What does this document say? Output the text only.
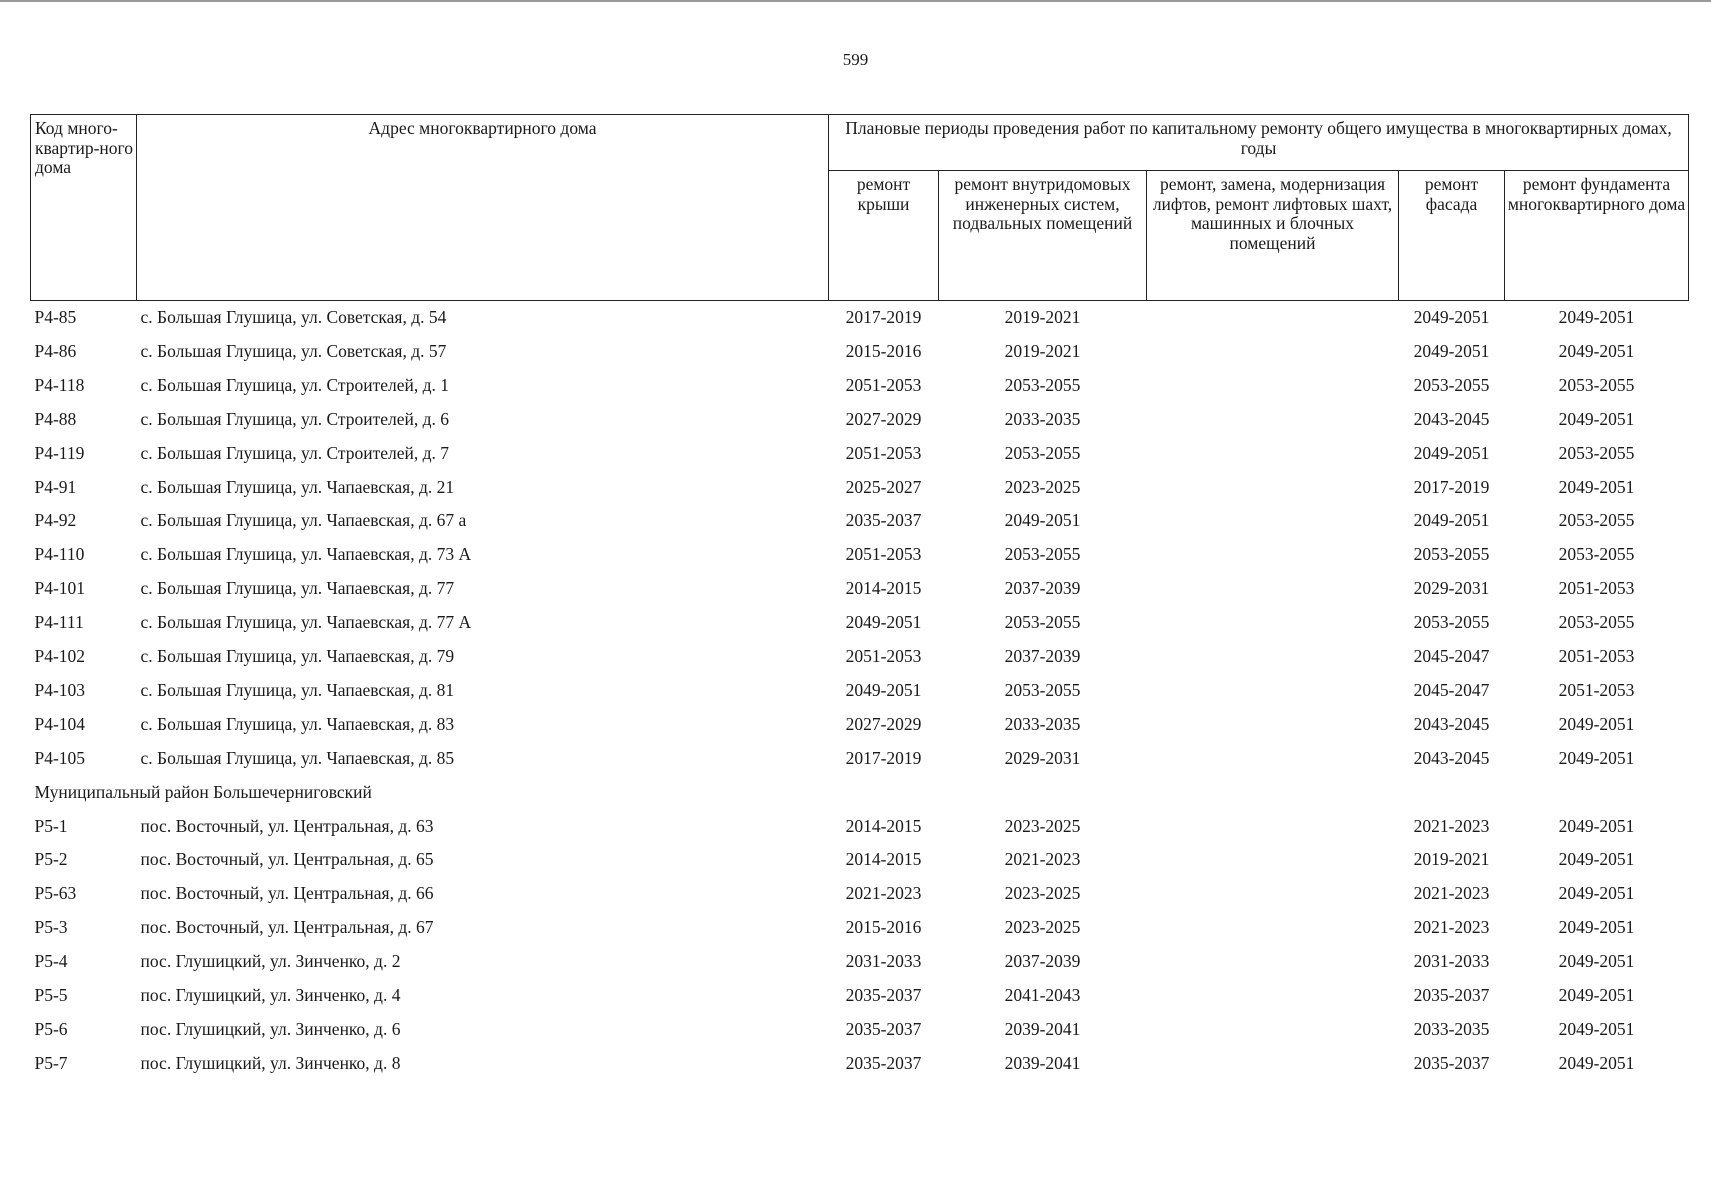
599
Код много-квартир-ного дома	Адрес многоквартирного дома	Плановые периоды проведения работ по капитальному ремонту общего имущества в многоквартирных домах, годы				
		ремонт крыши	ремонт внутридомовых инженерных систем, подвальных помещений	ремонт, замена, модернизация лифтов, ремонт лифтовых шахт, машинных и блочных помещений	ремонт фасада	ремонт фундамента многоквартирного дома
Р4-85	с. Большая Глушица, ул. Советская, д. 54	2017-2019	2019-2021		2049-2051	2049-2051
Р4-86	с. Большая Глушица, ул. Советская, д. 57	2015-2016	2019-2021		2049-2051	2049-2051
Р4-118	с. Большая Глушица, ул. Строителей, д. 1	2051-2053	2053-2055		2053-2055	2053-2055
Р4-88	с. Большая Глушица, ул. Строителей, д. 6	2027-2029	2033-2035		2043-2045	2049-2051
Р4-119	с. Большая Глушица, ул. Строителей, д. 7	2051-2053	2053-2055		2049-2051	2053-2055
Р4-91	с. Большая Глушица, ул. Чапаевская, д. 21	2025-2027	2023-2025		2017-2019	2049-2051
Р4-92	с. Большая Глушица, ул. Чапаевская, д. 67 а	2035-2037	2049-2051		2049-2051	2053-2055
Р4-110	с. Большая Глушица, ул. Чапаевская, д. 73 А	2051-2053	2053-2055		2053-2055	2053-2055
Р4-101	с. Большая Глушица, ул. Чапаевская, д. 77	2014-2015	2037-2039		2029-2031	2051-2053
Р4-111	с. Большая Глушица, ул. Чапаевская, д. 77 А	2049-2051	2053-2055		2053-2055	2053-2055
Р4-102	с. Большая Глушица, ул. Чапаевская, д. 79	2051-2053	2037-2039		2045-2047	2051-2053
Р4-103	с. Большая Глушица, ул. Чапаевская, д. 81	2049-2051	2053-2055		2045-2047	2051-2053
Р4-104	с. Большая Глушица, ул. Чапаевская, д. 83	2027-2029	2033-2035		2043-2045	2049-2051
Р4-105	с. Большая Глушица, ул. Чапаевская, д. 85	2017-2019	2029-2031		2043-2045	2049-2051
Муниципальный район Большечерниговский						
Р5-1	пос. Восточный, ул. Центральная, д. 63	2014-2015	2023-2025		2021-2023	2049-2051
Р5-2	пос. Восточный, ул. Центральная, д. 65	2014-2015	2021-2023		2019-2021	2049-2051
Р5-63	пос. Восточный, ул. Центральная, д. 66	2021-2023	2023-2025		2021-2023	2049-2051
Р5-3	пос. Восточный, ул. Центральная, д. 67	2015-2016	2023-2025		2021-2023	2049-2051
Р5-4	пос. Глушицкий, ул. Зинченко, д. 2	2031-2033	2037-2039		2031-2033	2049-2051
Р5-5	пос. Глушицкий, ул. Зинченко, д. 4	2035-2037	2041-2043		2035-2037	2049-2051
Р5-6	пос. Глушицкий, ул. Зинченко, д. 6	2035-2037	2039-2041		2033-2035	2049-2051
Р5-7	пос. Глушицкий, ул. Зинченко, д. 8	2035-2037	2039-2041		2035-2037	2049-2051
